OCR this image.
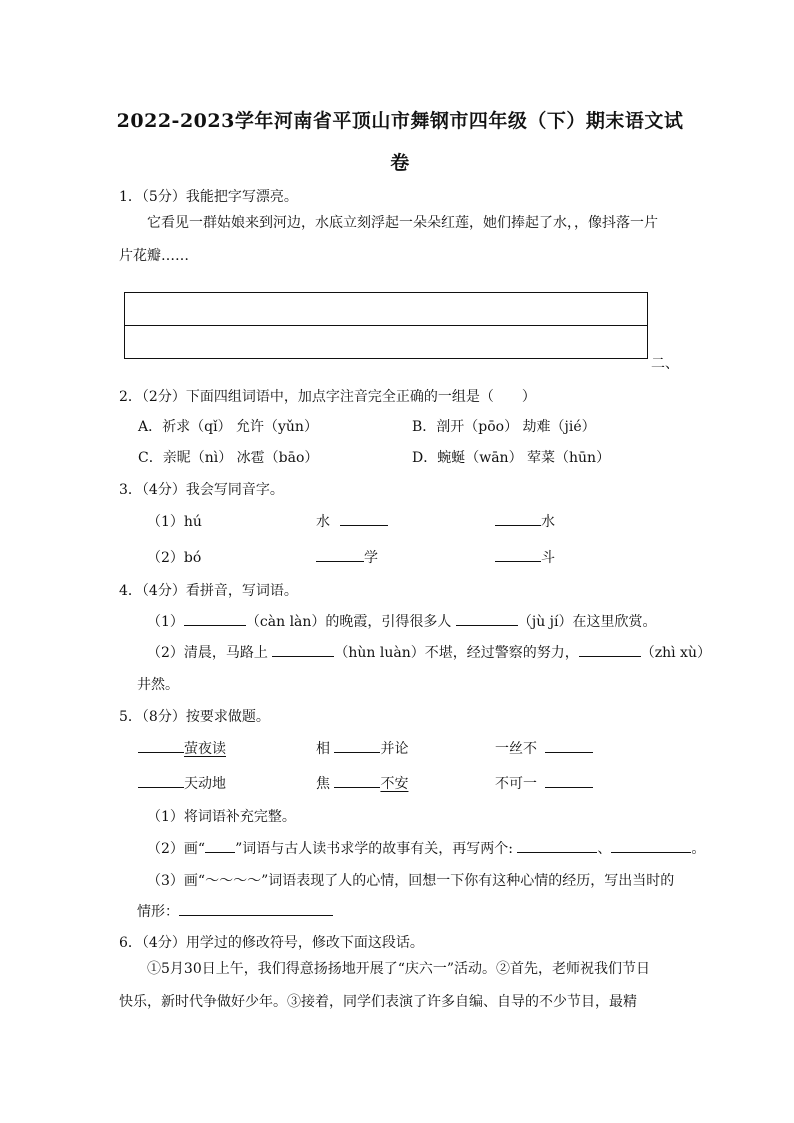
2022-2023学年河南省平顶山市舞钢市四年级（下）期末语文试
卷
1．（5分）我能把字写漂亮。
它看见一群姑娘来到河边，水底立刻浮起一朵朵红莲，她们捧起了水，，像抖落一片
片花瓣……
二、
2．（2分）下面四组词语中，加点字注音完全正确的一组是（　　）
A．祈求（qǐ） 允许（yǔn）	B．剖开（pōo） 劫难（jié）
C．亲昵（nì） 冰雹（bāo）	D．蜿蜒（wān） 荤菜（hūn）
3．（4分）我会写同音字。
（1）hú	水	水
（2）bó	学	斗
4．（4分）看拼音，写词语。
（1）	（càn làn）的晚霞，引得很多人	（jù jí）在这里欣赏。
（2）清晨，马路上	（hùn luàn）不堪，经过警察的努力，	（zhì xù）
井然。
5．（8分）按要求做题。
萤夜读	相	并论	一丝不
天动地	焦	不安	不可一
（1）将词语补充完整。
（2）画“ ”词语与古人读书求学的故事有关，再写两个:	、	。
（3）画“～～～～”词语表现了人的心情，回想一下你有这种心情的经历，写出当时的
情形：
6．（4分）用学过的修改符号，修改下面这段话。
①5月30日上午，我们得意扬扬地开展了“庆六一”活动。②首先，老师祝我们节日
快乐，新时代争做好少年。③接着，同学们表演了许多自编、自导的不少节目，最精
